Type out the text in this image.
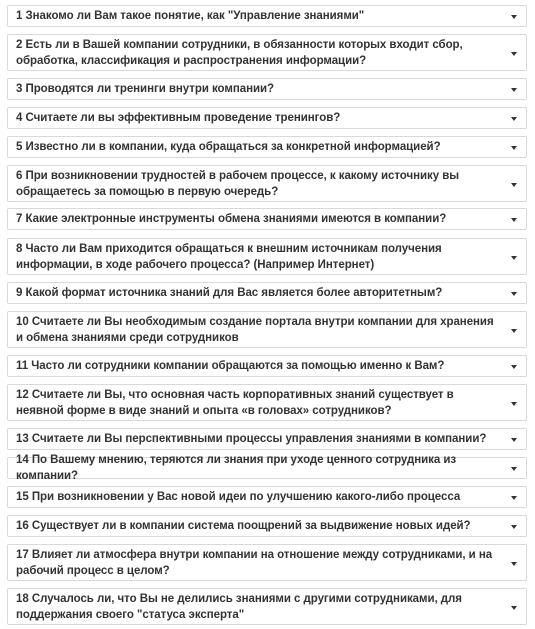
1 Знакомо ли Вам такое понятие, как "Управление знаниями"
2 Есть ли в Вашей компании сотрудники, в обязанности которых входит сбор, обработка, классификация и распространения информации?
3 Проводятся ли тренинги внутри компании?
4 Считаете ли вы эффективным проведение тренингов?
5 Известно ли в компании, куда обращаться за конкретной информацией?
6 При возникновении трудностей в рабочем процессе, к какому источнику вы обращаетесь за помощью в первую очередь?
7 Какие электронные инструменты обмена знаниями имеются в компании?
8 Часто ли Вам приходится обращаться к внешним источникам получения информации, в ходе рабочего процесса? (Например Интернет)
9 Какой формат источника знаний для Вас является более авторитетным?
10 Считаете ли Вы необходимым создание портала внутри компании для хранения и обмена знаниями среди сотрудников
11 Часто ли сотрудники компании обращаются за помощью именно к Вам?
12 Считаете ли Вы, что основная часть корпоративных знаний существует в неявной форме в виде знаний и опыта «в головах» сотрудников?
13 Считаете ли Вы перспективными процессы управления знаниями в компании?
14 По Вашему мнению, теряются ли знания при уходе ценного сотрудника из компании?
15 При возникновении у Вас новой идеи по улучшению какого-либо процесса
16 Существует ли в компании система поощрений за выдвижение новых идей?
17 Влияет ли атмосфера внутри компании на отношение между сотрудниками, и на рабочий процесс в целом?
18 Случалось ли, что Вы не делились знаниями с другими сотрудниками, для поддержания своего "статуса эксперта"
